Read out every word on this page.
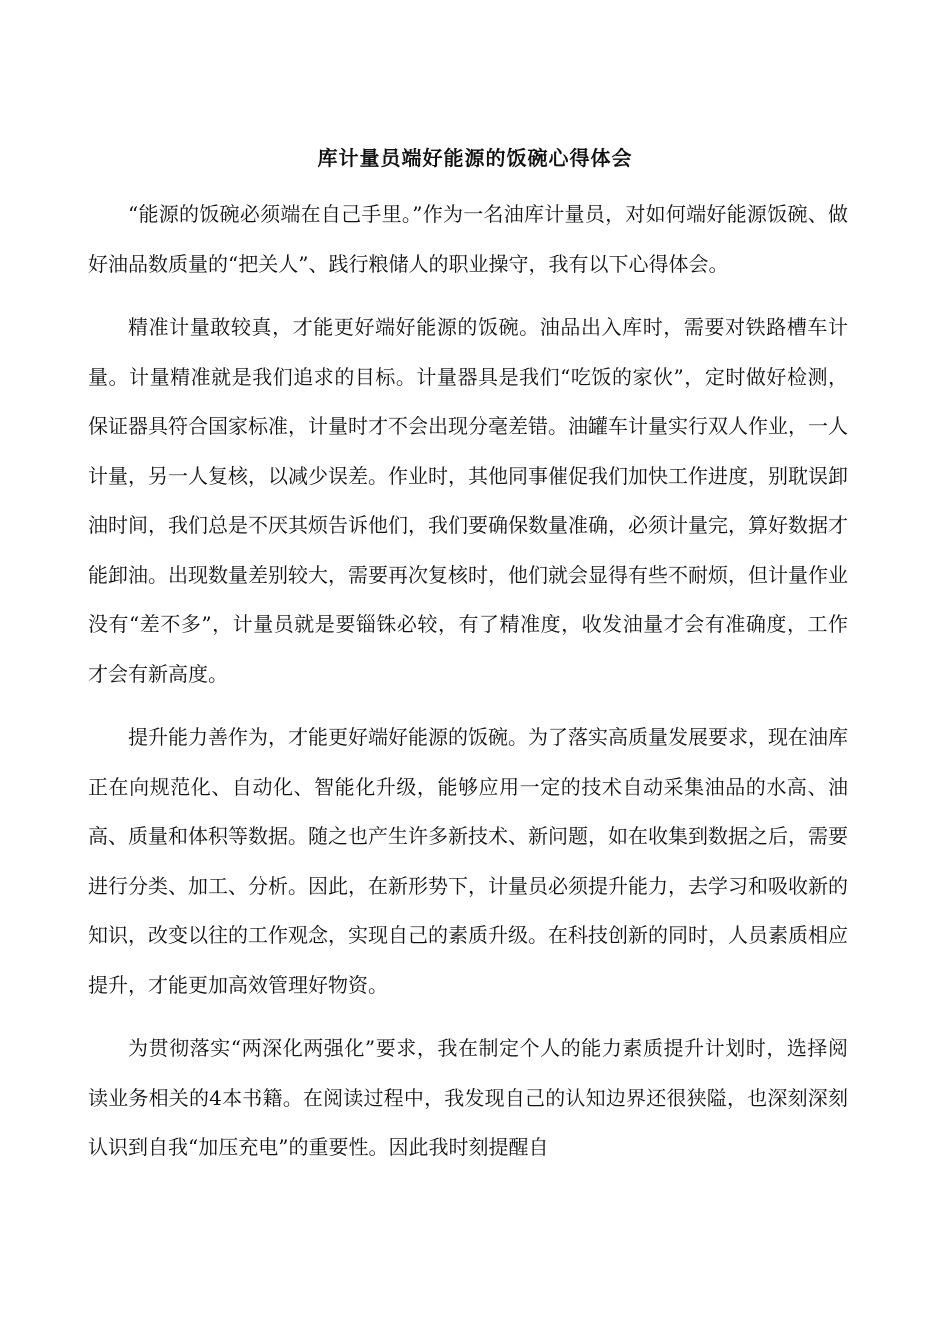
库计量员端好能源的饭碗心得体会

“能源的饭碗必须端在自己手里。”作为一名油库计量员，对如何端好能源饭碗、做好油品数质量的“把关人”、践行粮储人的职业操守，我有以下心得体会。

精准计量敢较真，才能更好端好能源的饭碗。油品出入库时，需要对铁路槽车计量。计量精准就是我们追求的目标。计量器具是我们“吃饭的家伙”，定时做好检测，保证器具符合国家标准，计量时才不会出现分毫差错。油罐车计量实行双人作业，一人计量，另一人复核，以减少误差。作业时，其他同事催促我们加快工作进度，别耽误卸油时间，我们总是不厌其烦告诉他们，我们要确保数量准确，必须计量完，算好数据才能卸油。出现数量差别较大，需要再次复核时，他们就会显得有些不耐烦，但计量作业没有“差不多”，计量员就是要锱铢必较，有了精准度，收发油量才会有准确度，工作才会有新高度。

提升能力善作为，才能更好端好能源的饭碗。为了落实高质量发展要求，现在油库正在向规范化、自动化、智能化升级，能够应用一定的技术自动采集油品的水高、油高、质量和体积等数据。随之也产生许多新技术、新问题，如在收集到数据之后，需要进行分类、加工、分析。因此，在新形势下，计量员必须提升能力，去学习和吸收新的知识，改变以往的工作观念，实现自己的素质升级。在科技创新的同时，人员素质相应提升，才能更加高效管理好物资。

为贯彻落实“两深化两强化”要求，我在制定个人的能力素质提升计划时，选择阅读业务相关的4本书籍。在阅读过程中，我发现自己的认知边界还很狭隘，也深刻深刻认识到自我“加压充电”的重要性。因此我时刻提醒自
